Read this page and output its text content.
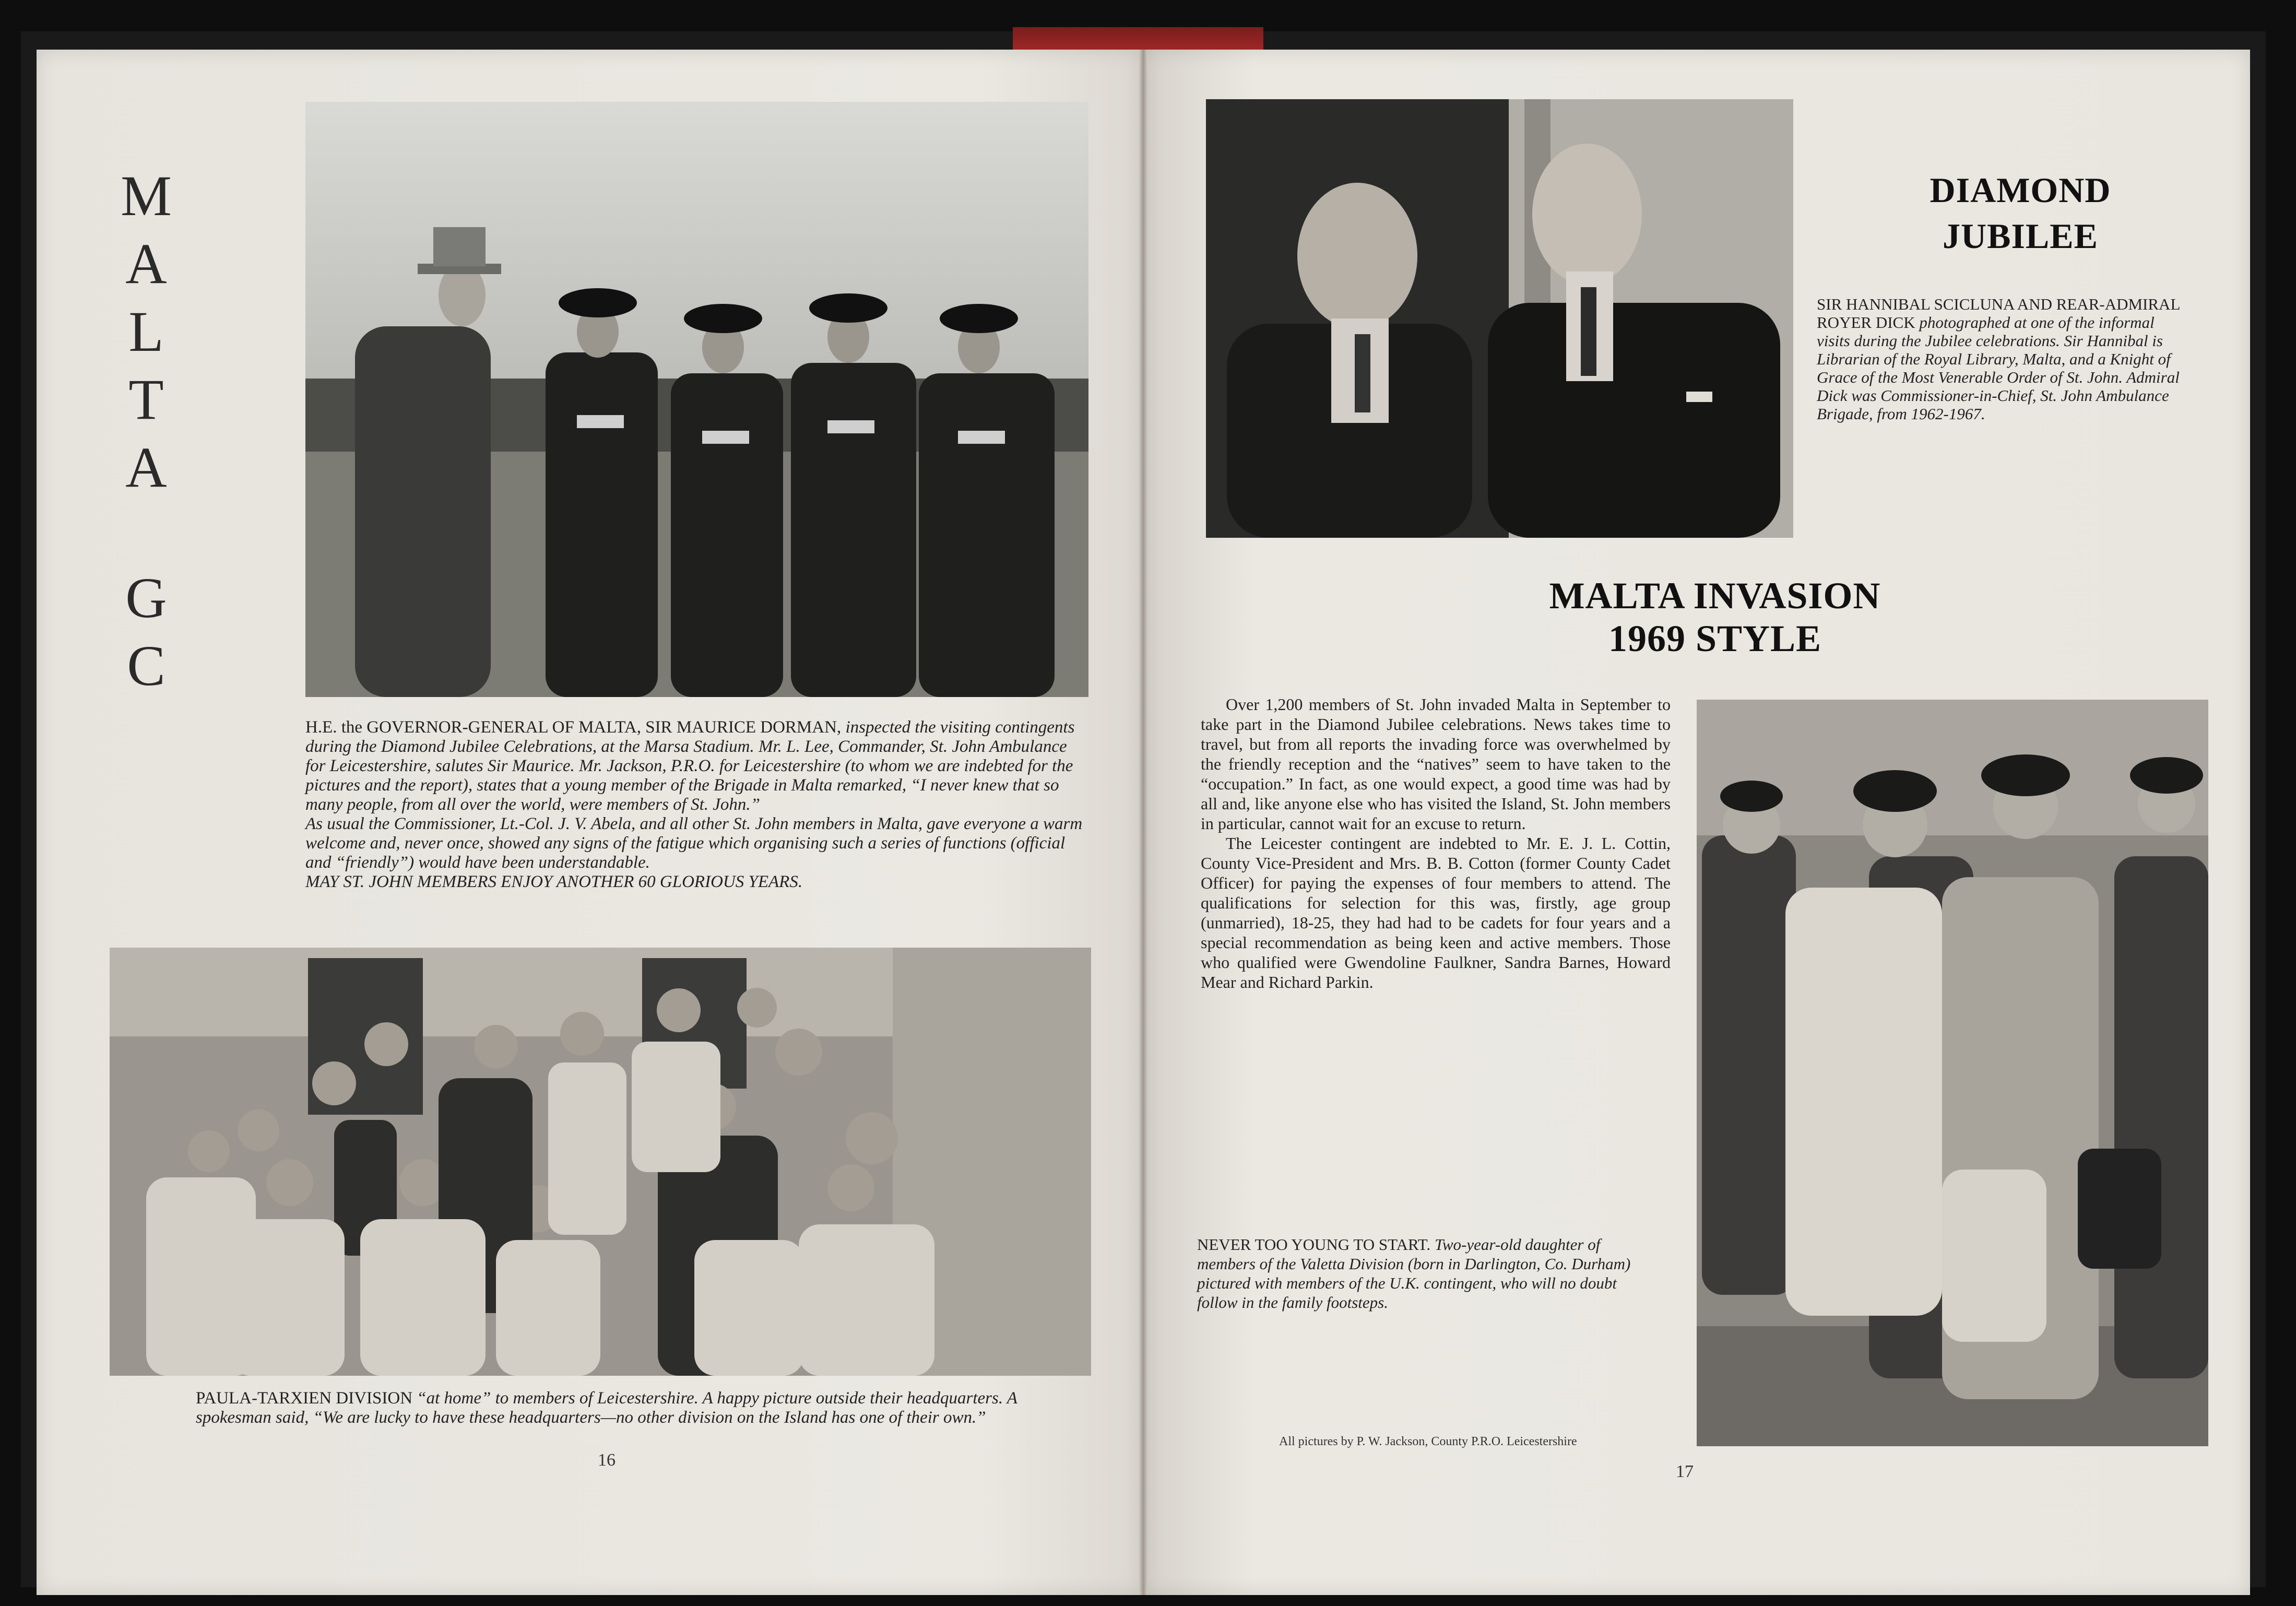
M
A
L
T
A
G
C
H.E. the GOVERNOR-GENERAL OF MALTA, SIR MAURICE DORMAN, inspected the visiting contingents during the Diamond Jubilee Celebrations, at the Marsa Stadium. Mr. L. Lee, Commander, St. John Ambulance for Leicestershire, salutes Sir Maurice. Mr. Jackson, P.R.O. for Leicestershire (to whom we are indebted for the pictures and the report), states that a young member of the Brigade in Malta remarked, “I never knew that so many people, from all over the world, were members of St. John.”
As usual the Commissioner, Lt.-Col. J. V. Abela, and all other St. John members in Malta, gave everyone a warm welcome and, never once, showed any signs of the fatigue which organising such a series of functions (official and “friendly”) would have been understandable.
MAY ST. JOHN MEMBERS ENJOY ANOTHER 60 GLORIOUS YEARS.
PAULA-TARXIEN DIVISION “at home” to members of Leicestershire. A happy picture outside their headquarters. A spokesman said, “We are lucky to have these headquarters—no other division on the Island has one of their own.”
16
DIAMOND
JUBILEE
SIR HANNIBAL SCICLUNA AND REAR-ADMIRAL ROYER DICK photographed at one of the informal visits during the Jubilee celebrations. Sir Hannibal is Librarian of the Royal Library, Malta, and a Knight of Grace of the Most Venerable Order of St. John. Admiral Dick was Commissioner-in-Chief, St. John Ambulance Brigade, from 1962-1967.
MALTA INVASION
1969 STYLE

Over 1,200 members of St. John invaded Malta in September to take part in the Diamond Jubilee celebrations. News takes time to travel, but from all reports the invading force was overwhelmed by the friendly reception and the “natives” seem to have taken to the “occupation.” In fact, as one would expect, a good time was had by all and, like anyone else who has visited the Island, St. John members in particular, cannot wait for an excuse to return.

The Leicester contingent are indebted to Mr. E. J. L. Cottin, County Vice-President and Mrs. B. B. Cotton (former County Cadet Officer) for paying the expenses of four members to attend. The qualifications for selection for this was, firstly, age group (unmarried), 18-25, they had had to be cadets for four years and a special recommendation as being keen and active members. Those who qualified were Gwendoline Faulkner, Sandra Barnes, Howard Mear and Richard Parkin.

NEVER TOO YOUNG TO START. Two-year-old daughter of members of the Valetta Division (born in Darlington, Co. Durham) pictured with members of the U.K. contingent, who will no doubt follow in the family footsteps.
All pictures by P. W. Jackson, County P.R.O. Leicestershire
17
